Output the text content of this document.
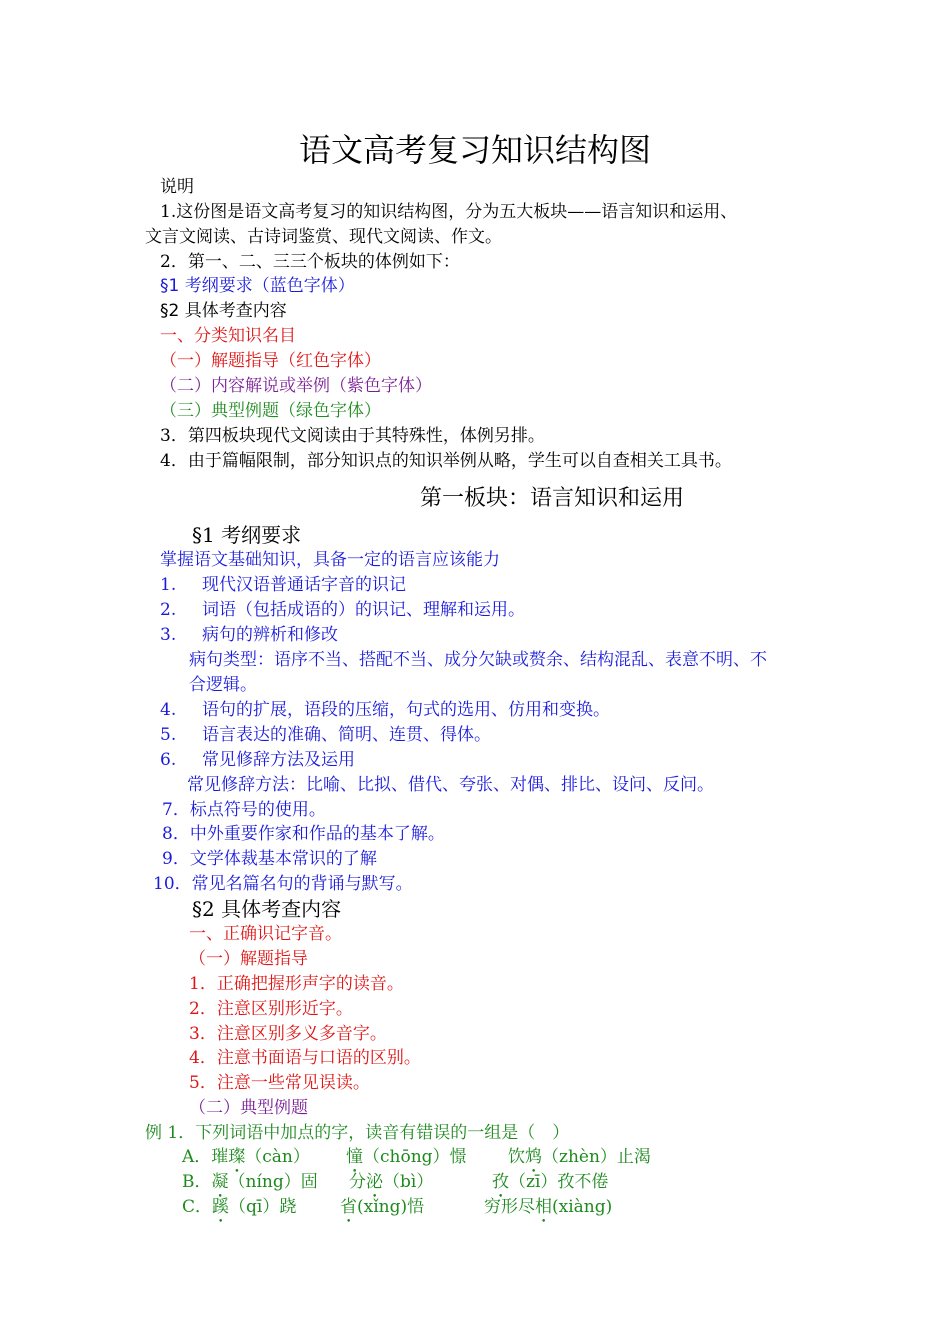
语文高考复习知识结构图
说明
1.这份图是语文高考复习的知识结构图，分为五大板块——语言知识和运用、
文言文阅读、古诗词鉴赏、现代文阅读、作文。
2．第一、二、三三个板块的体例如下：
§1 考纲要求（蓝色字体）
§2 具体考查内容
一、分类知识名目
（一）解题指导（红色字体）
（二）内容解说或举例（紫色字体）
（三）典型例题（绿色字体）
3．第四板块现代文阅读由于其特殊性，体例另排。
4．由于篇幅限制，部分知识点的知识举例从略，学生可以自查相关工具书。
第一板块：语言知识和运用
§1 考纲要求
掌握语文基础知识，具备一定的语言应该能力
1. 现代汉语普通话字音的识记
2. 词语（包括成语的）的识记、理解和运用。
3. 病句的辨析和修改
病句类型：语序不当、搭配不当、成分欠缺或赘余、结构混乱、表意不明、不
合逻辑。
4. 语句的扩展，语段的压缩，句式的选用、仿用和变换。
5. 语言表达的准确、简明、连贯、得体。
6. 常见修辞方法及运用
常见修辞方法：比喻、比拟、借代、夸张、对偶、排比、设问、反问。
7．标点符号的使用。
8．中外重要作家和作品的基本了解。
9．文学体裁基本常识的了解
10．常见名篇名句的背诵与默写。
§2 具体考查内容
一、正确识记字音。
（一）解题指导
1．正确把握形声字的读音。
2．注意区别形近字。
3．注意区别多义多音字。
4．注意书面语与口语的区别。
5．注意一些常见误读。
（二）典型例题
例 1．下列词语中加点的字，读音有错误的一组是（　）
A．璀璨（càn） 憧（chōng）憬 饮鸩（zhèn）止渴
B．凝（níng）固 分泌（bì）	孜（zī）孜不倦
C．蹊（qī）跷	省(xǐng)悟	穷形尽相(xiàng)
